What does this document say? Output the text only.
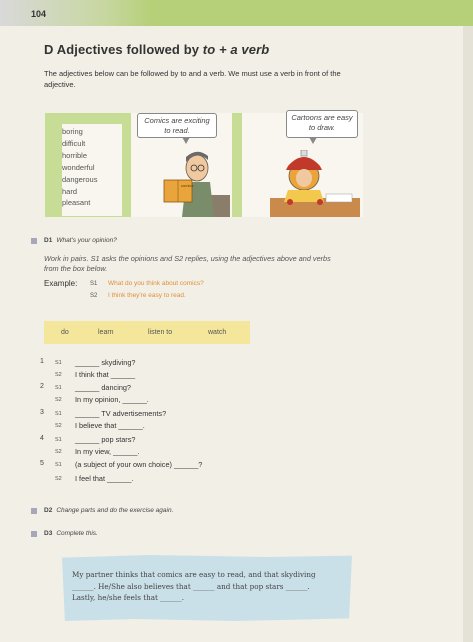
104
D Adjectives followed by to + a verb
The adjectives below can be followed by to and a verb. We must use a verb in front of the adjective.
boring
difficult
horrible
wonderful
dangerous
hard
pleasant
comics
Comics are exciting to read.
Cartoons are easy to draw.
D1 What's your opinion?
Work in pairs. S1 asks the opinions and S2 replies, using the adjectives above and verbs from the box below.
Example: S1 What do you think about comics?
S2 I think they're easy to read.
do	learn	listen to	watch
1 S1 ______ skydiving?
S2 I think that ______
2 S1 ______ dancing?
S2 In my opinion, ______.
3 S1 ______ TV advertisements?
S2 I believe that ______.
4 S1 ______ pop stars?
S2 In my view, ______.
5 S1 (a subject of your own choice) ______?
S2 I feel that ______.
D2 Change parts and do the exercise again.
D3 Complete this.
My partner thinks that comics are easy to read, and that skydiving ______. He/She also believes that ______ and that pop stars ______. Lastly, he/she feels that ______.
